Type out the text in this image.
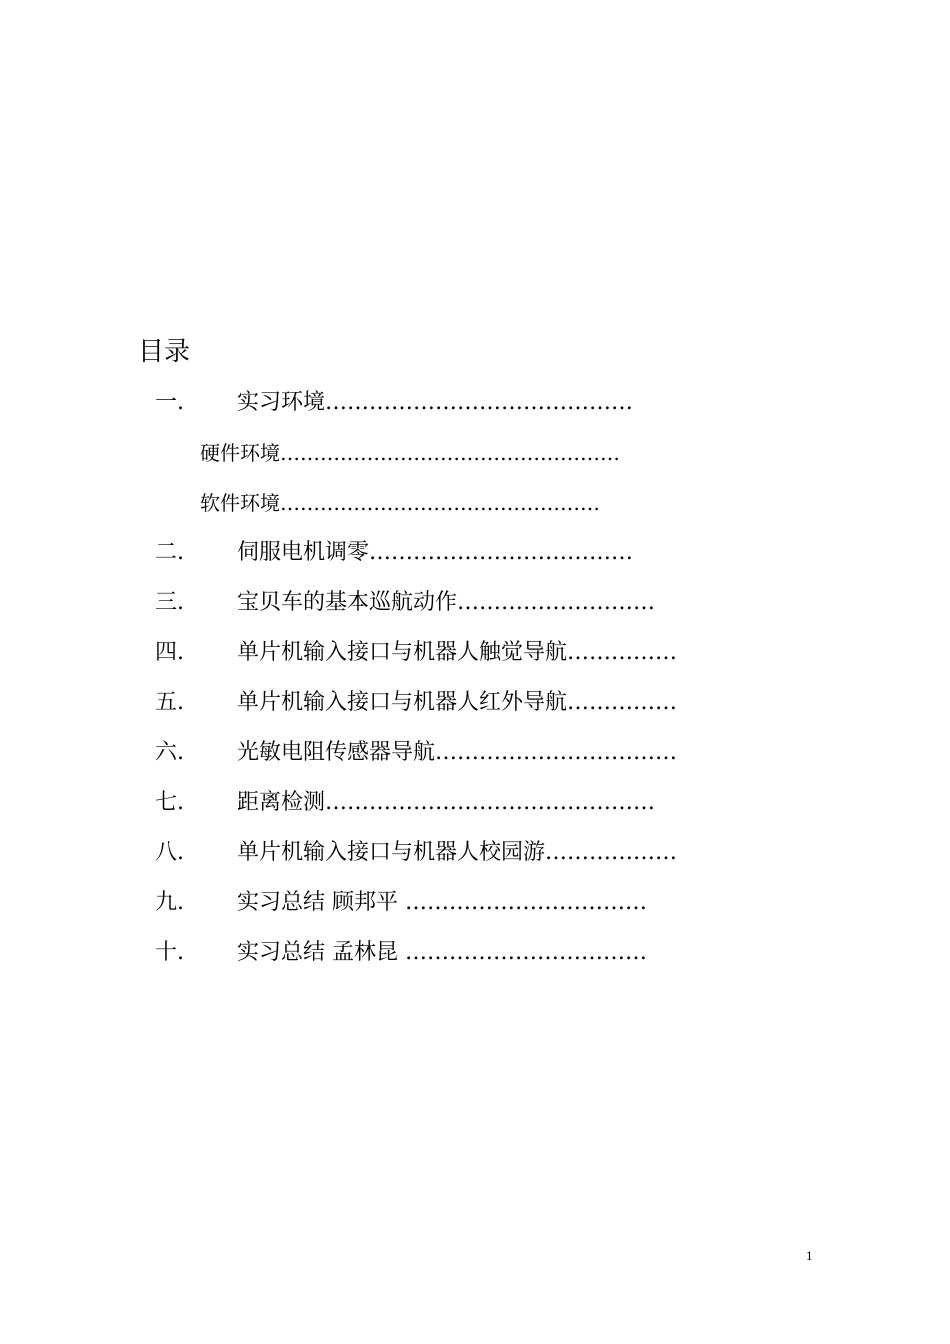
目录
一. 实习环境……………………………………
硬件环境……………………………………………
软件环境…………………………………………
二. 伺服电机调零………………………………
三. 宝贝车的基本巡航动作………………………
四. 单片机输入接口与机器人触觉导航……………
五. 单片机输入接口与机器人红外导航……………
六. 光敏电阻传感器导航……………………………
七. 距离检测………………………………………
八. 单片机输入接口与机器人校园游………………
九. 实习总结 顾邦平 ……………………………
十. 实习总结 孟林昆 ……………………………
1
